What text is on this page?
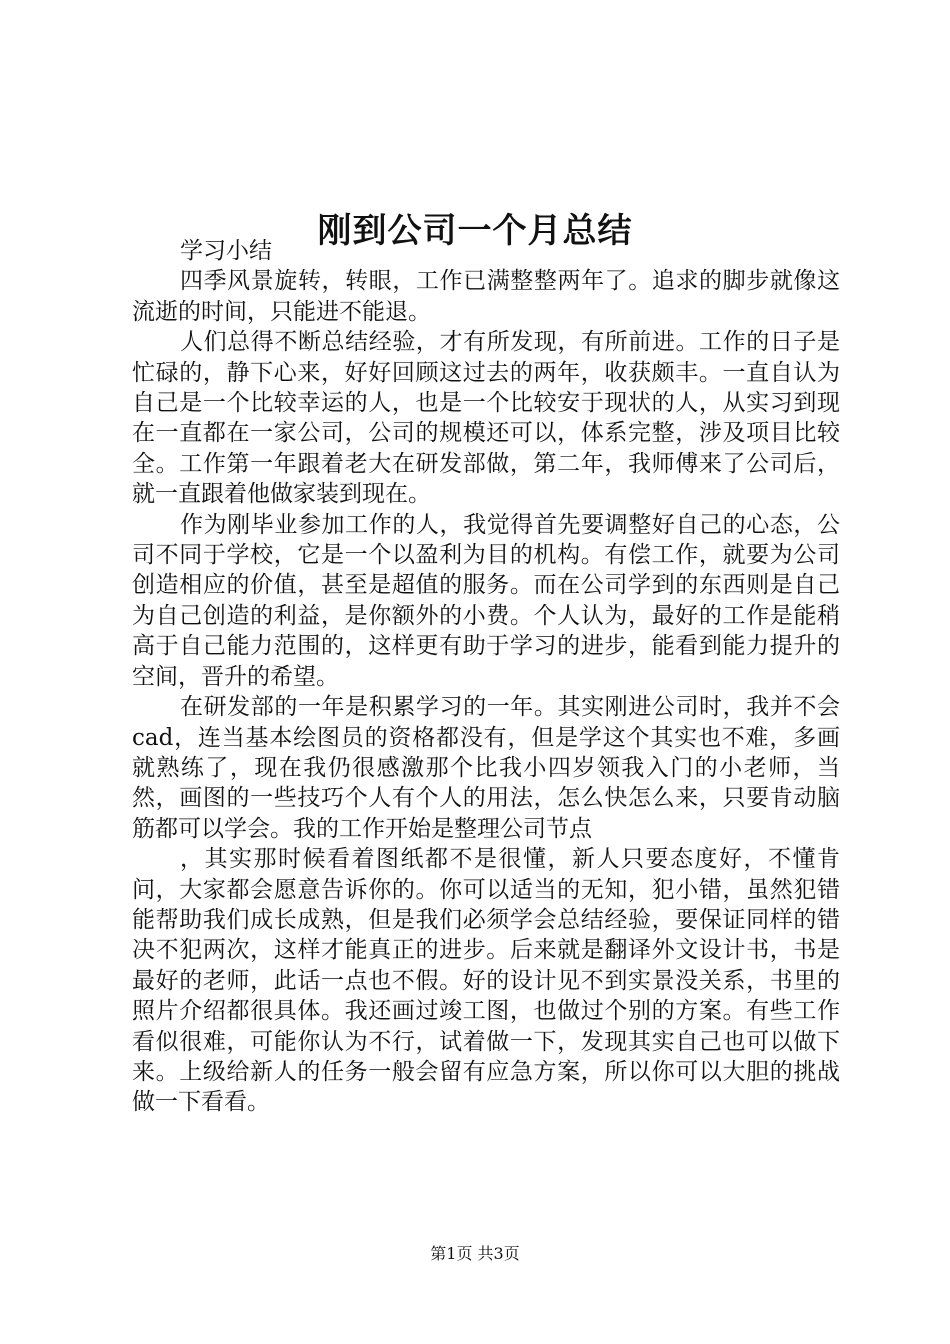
刚到公司一个月总结

学习小结

四季风景旋转，转眼，工作已满整整两年了。追求的脚步就像这流逝的时间，只能进不能退。

人们总得不断总结经验，才有所发现，有所前进。工作的日子是忙碌的，静下心来，好好回顾这过去的两年，收获颇丰。一直自认为自己是一个比较幸运的人，也是一个比较安于现状的人，从实习到现在一直都在一家公司，公司的规模还可以，体系完整，涉及项目比较全。工作第一年跟着老大在研发部做，第二年，我师傅来了公司后，就一直跟着他做家装到现在。

作为刚毕业参加工作的人，我觉得首先要调整好自己的心态，公司不同于学校，它是一个以盈利为目的机构。有偿工作，就要为公司创造相应的价值，甚至是超值的服务。而在公司学到的东西则是自己为自己创造的利益，是你额外的小费。个人认为，最好的工作是能稍高于自己能力范围的，这样更有助于学习的进步，能看到能力提升的空间，晋升的希望。

在研发部的一年是积累学习的一年。其实刚进公司时，我并不会cad，连当基本绘图员的资格都没有，但是学这个其实也不难，多画就熟练了，现在我仍很感激那个比我小四岁领我入门的小老师，当然，画图的一些技巧个人有个人的用法，怎么快怎么来，只要肯动脑筋都可以学会。我的工作开始是整理公司节点

，其实那时候看着图纸都不是很懂，新人只要态度好，不懂肯问，大家都会愿意告诉你的。你可以适当的无知，犯小错，虽然犯错能帮助我们成长成熟，但是我们必须学会总结经验，要保证同样的错决不犯两次，这样才能真正的进步。后来就是翻译外文设计书，书是最好的老师，此话一点也不假。好的设计见不到实景没关系，书里的照片介绍都很具体。我还画过竣工图，也做过个别的方案。有些工作看似很难，可能你认为不行，试着做一下，发现其实自己也可以做下来。上级给新人的任务一般会留有应急方案，所以你可以大胆的挑战做一下看看。

第1页 共3页
